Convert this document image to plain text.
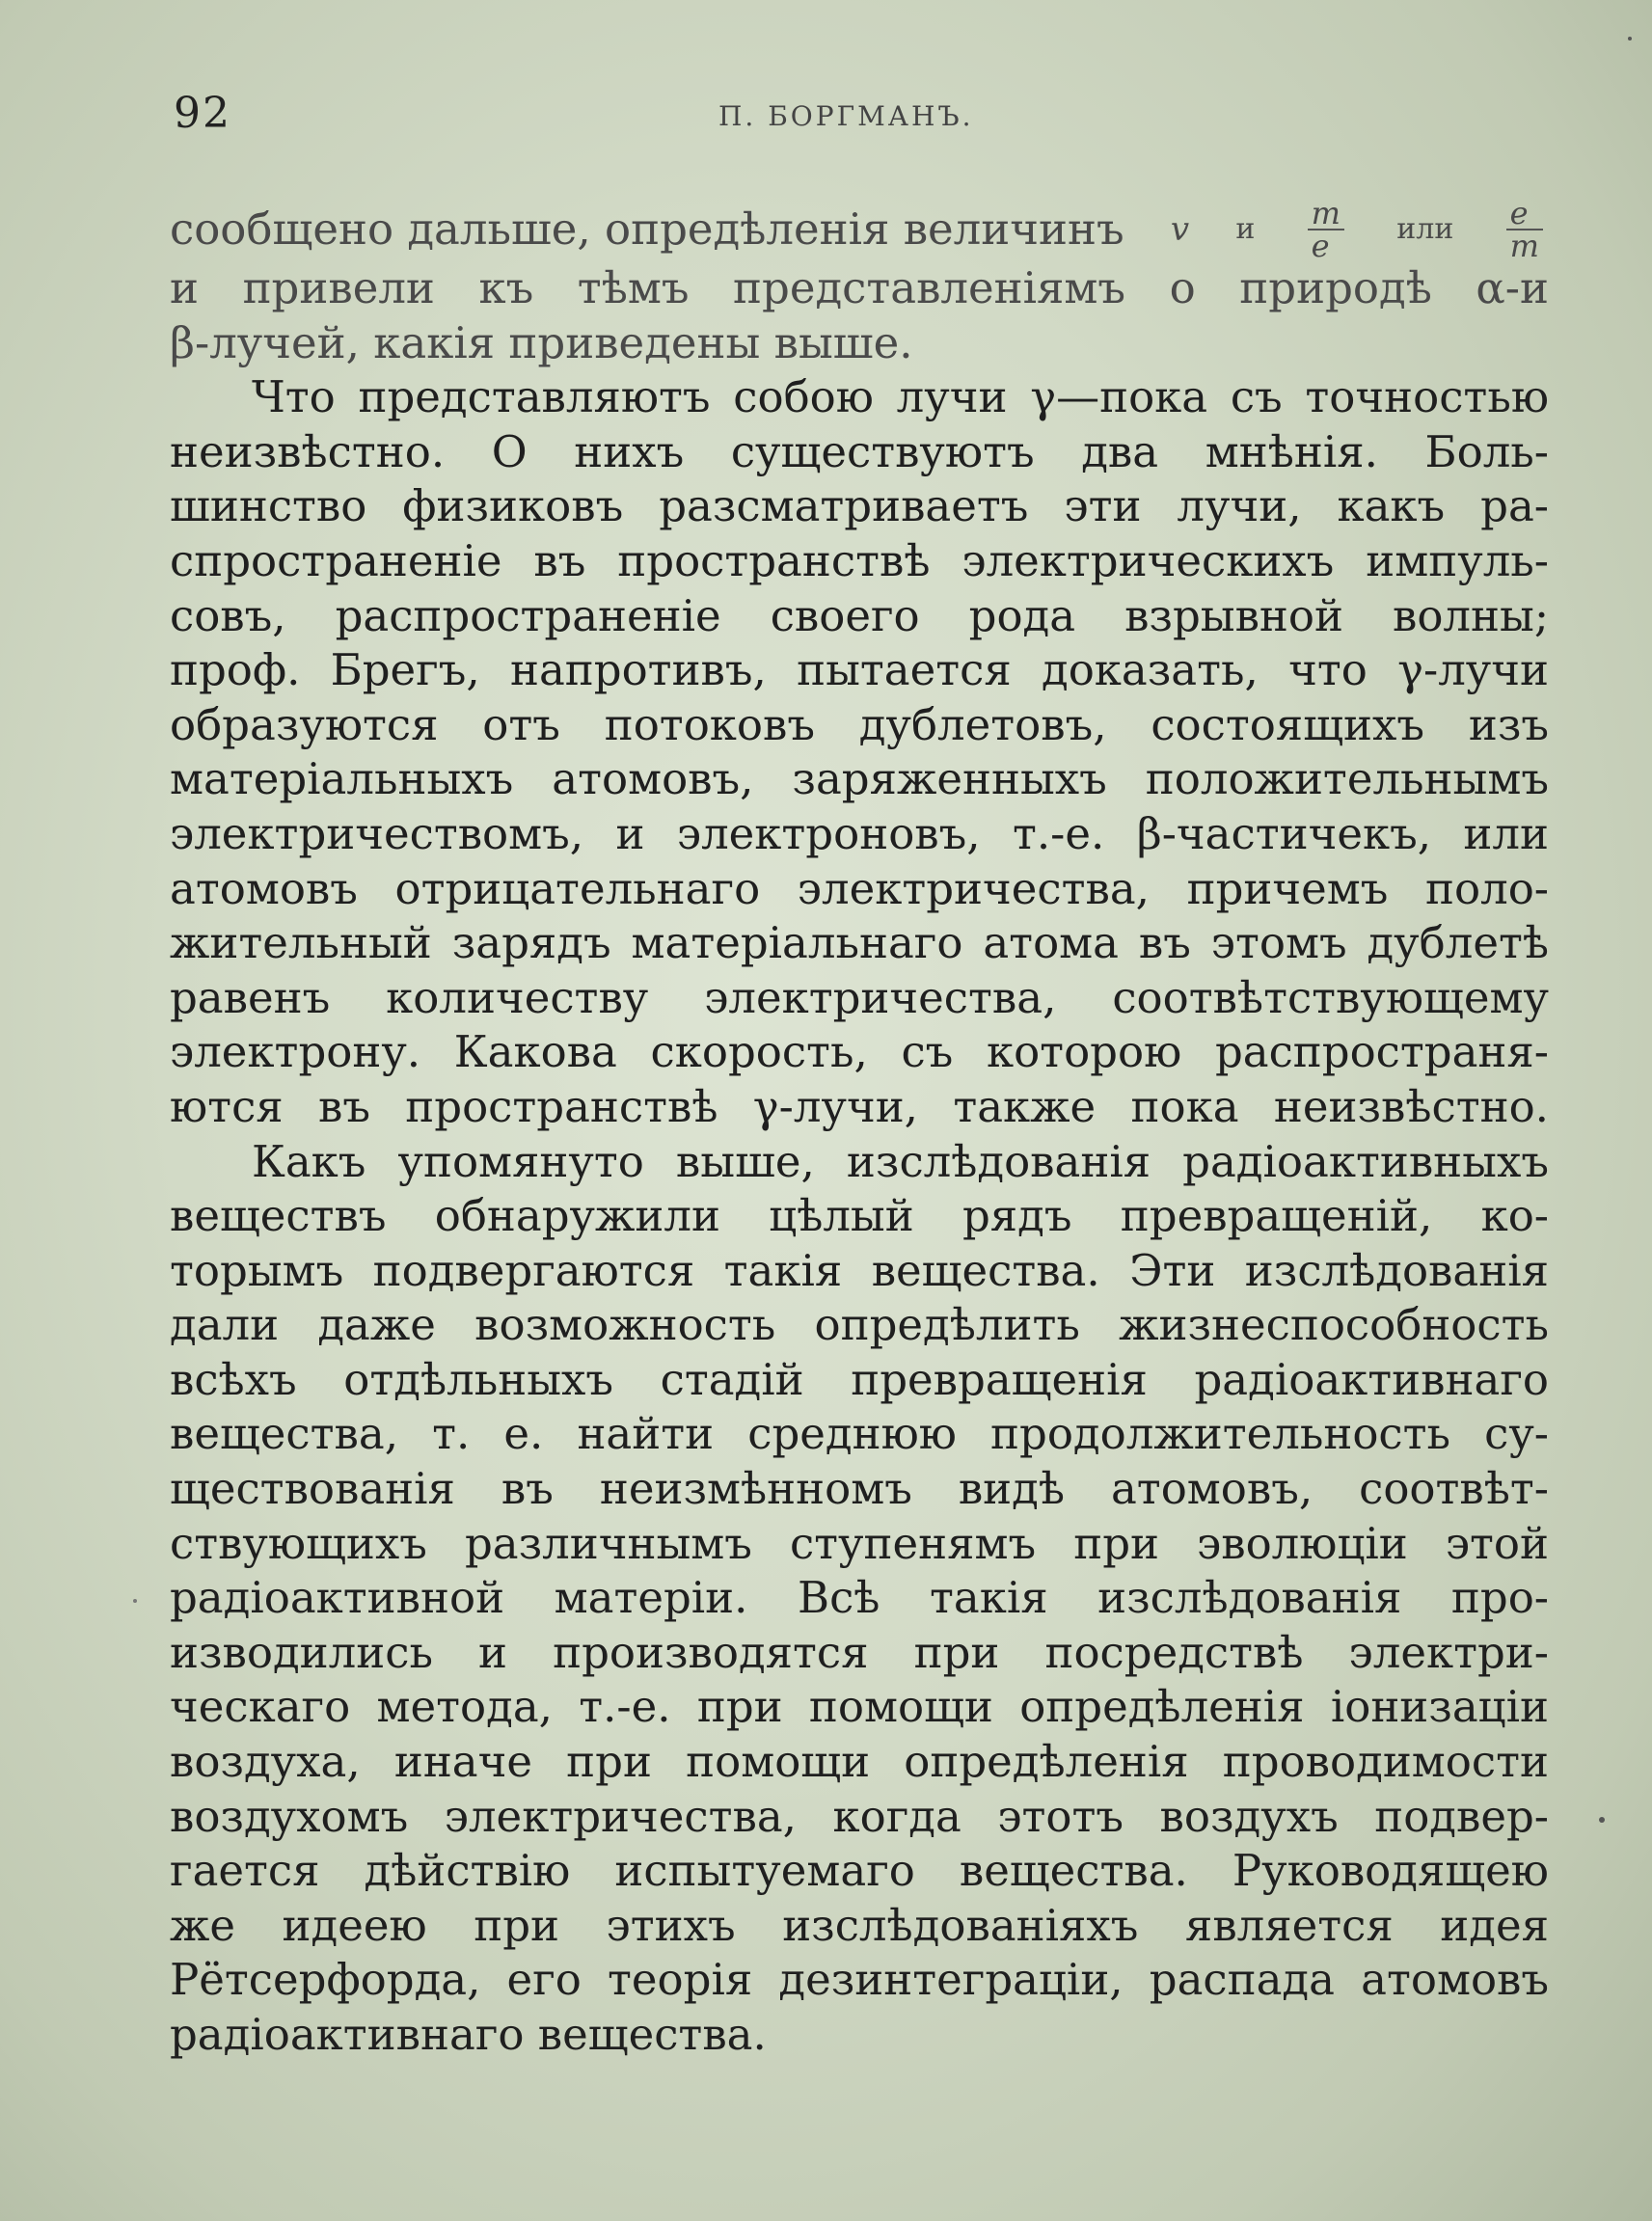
92	П. БОРГМАНЪ.
сообщено дальше, опредѣленія величинъ v и $\frac{m}{e}$ или $\frac{e}{m}$
и привели къ тѣмъ представленіямъ о природѣ α-и
β-лучей, какія приведены выше.
Что представляютъ собою лучи γ—пока съ точностью
неизвѣстно. О нихъ существуютъ два мнѣнія. Боль-
шинство физиковъ разсматриваетъ эти лучи, какъ ра-
спространеніе въ пространствѣ электрическихъ импуль-
совъ, распространеніе своего рода взрывной волны;
проф. Брегъ, напротивъ, пытается доказать, что γ-лучи
образуются отъ потоковъ дублетовъ, состоящихъ изъ
матеріальныхъ атомовъ, заряженныхъ положительнымъ
электричествомъ, и электроновъ, т.-е. β-частичекъ, или
атомовъ отрицательнаго электричества, причемъ поло-
жительный зарядъ матеріальнаго атома въ этомъ дублетѣ
равенъ количеству электричества, соотвѣтствующему
электрону. Какова скорость, съ которою распространя-
ются въ пространствѣ γ-лучи, также пока неизвѣстно.
Какъ упомянуто выше, изслѣдованія радіоактивныхъ
веществъ обнаружили цѣлый рядъ превращеній, ко-
торымъ подвергаются такія вещества. Эти изслѣдованія
дали даже возможность опредѣлить жизнеспособность
всѣхъ отдѣльныхъ стадій превращенія радіоактивнаго
вещества, т. е. найти среднюю продолжительность су-
ществованія въ неизмѣнномъ видѣ атомовъ, соотвѣт-
ствующихъ различнымъ ступенямъ при эволюціи этой
радіоактивной матеріи. Всѣ такія изслѣдованія про-
изводились и производятся при посредствѣ электри-
ческаго метода, т.-е. при помощи опредѣленія іонизаціи
воздуха, иначе при помощи опредѣленія проводимости
воздухомъ электричества, когда этотъ воздухъ подвер-
гается дѣйствію испытуемаго вещества. Руководящею
же идеею при этихъ изслѣдованіяхъ является идея
Рётсерфорда, его теорія дезинтеграціи, распада атомовъ
радіоактивнаго вещества.
